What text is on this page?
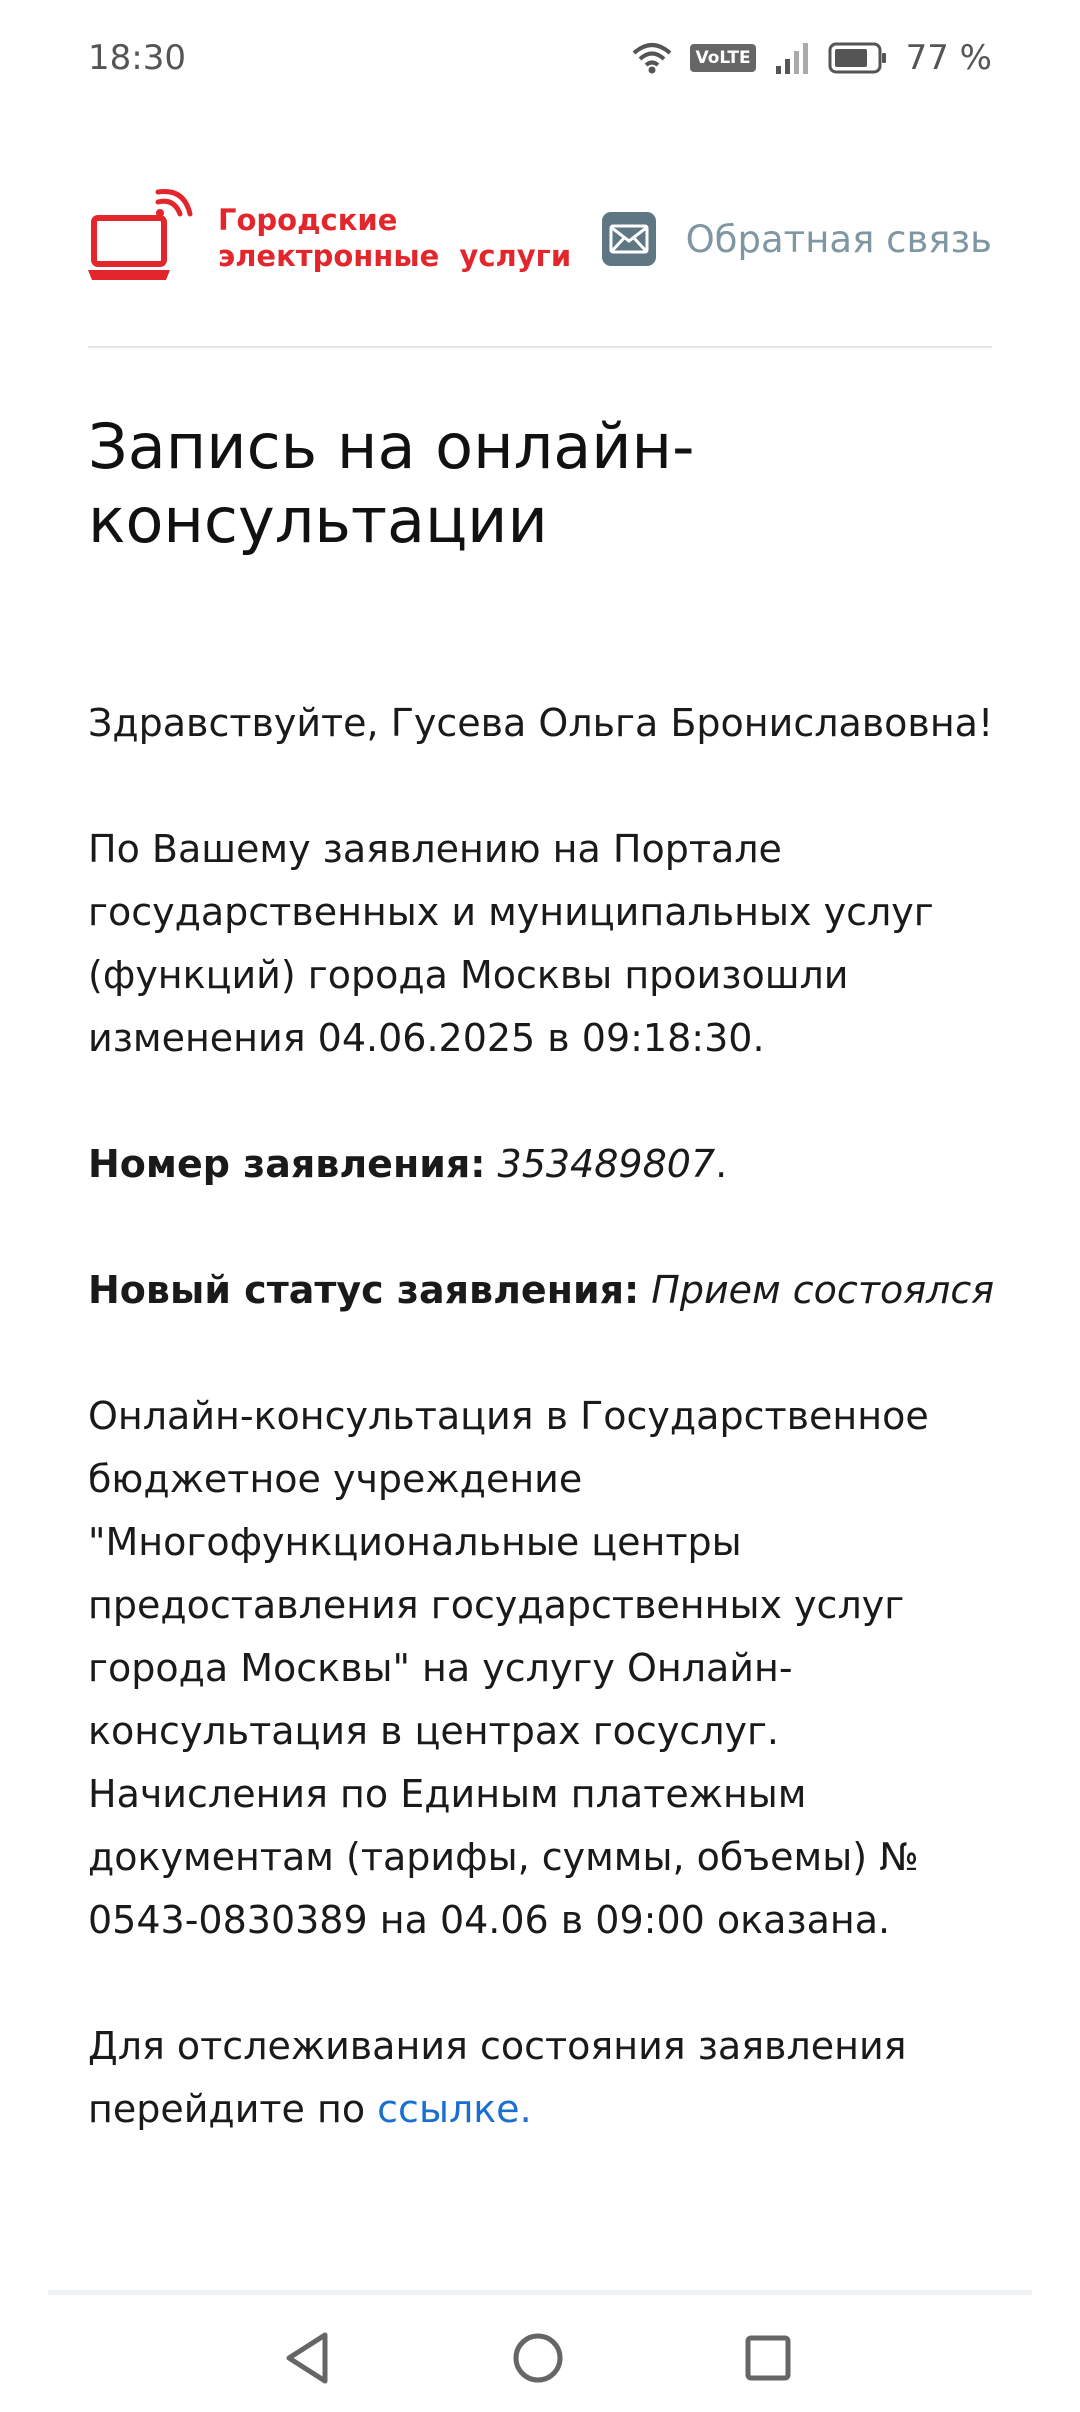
18:30	VoLTE	77 %
Городские
электронные  услуги	Обратная связь
Запись на онлайн-консультации

Здравствуйте, Гусева Ольга Брониславовна!

По Вашему заявлению на Портале государственных и муниципальных услуг (функций) города Москвы произошли изменения 04.06.2025 в 09:18:30.

Номер заявления: 353489807.

Новый статус заявления: Прием состоялся

Онлайн-консультация в Государственное бюджетное учреждение "Многофункциональные центры предоставления государственных услуг города Москвы" на услугу Онлайн-консультация в центрах госуслуг. Начисления по Единым платежным документам (тарифы, суммы, объемы) № 0543-0830389 на 04.06 в 09:00 оказана.

Для отслеживания состояния заявления перейдите по ссылке.
